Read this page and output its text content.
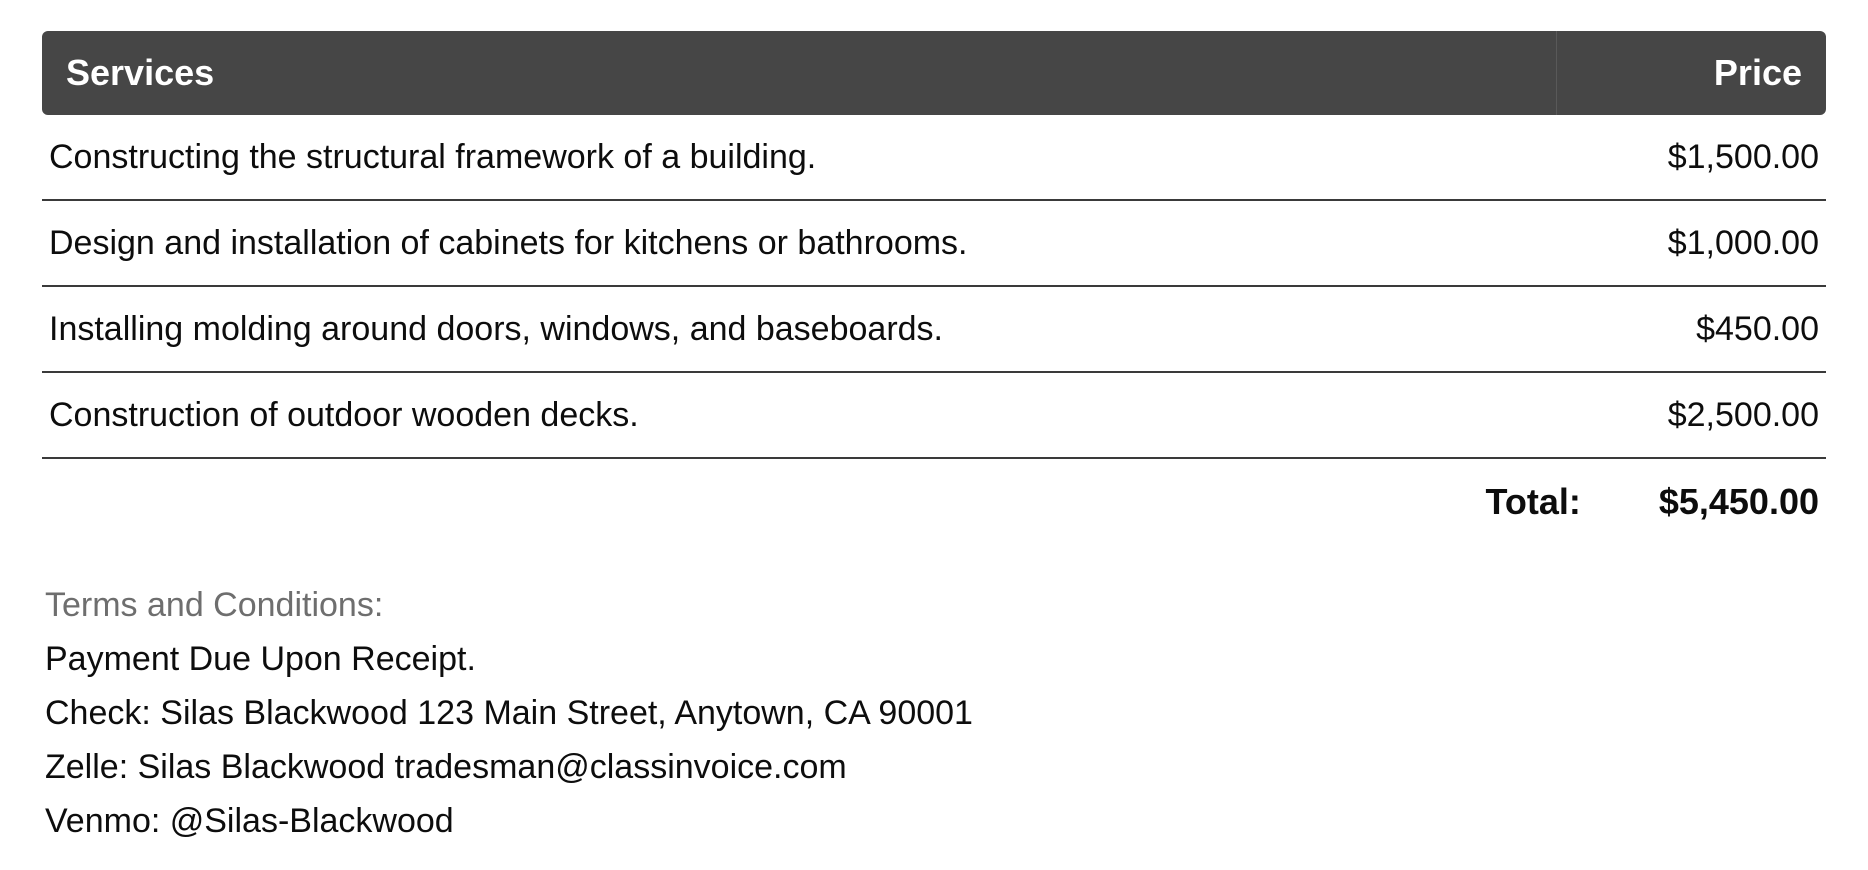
Services	Price
Constructing the structural framework of a building.	$1,500.00
Design and installation of cabinets for kitchens or bathrooms.	$1,000.00
Installing molding around doors, windows, and baseboards.	$450.00
Construction of outdoor wooden decks.	$2,500.00
Total: $5,450.00
Terms and Conditions:
Payment Due Upon Receipt.
Check: Silas Blackwood 123 Main Street, Anytown, CA 90001
Zelle: Silas Blackwood tradesman@classinvoice.com
Venmo: @Silas-Blackwood
